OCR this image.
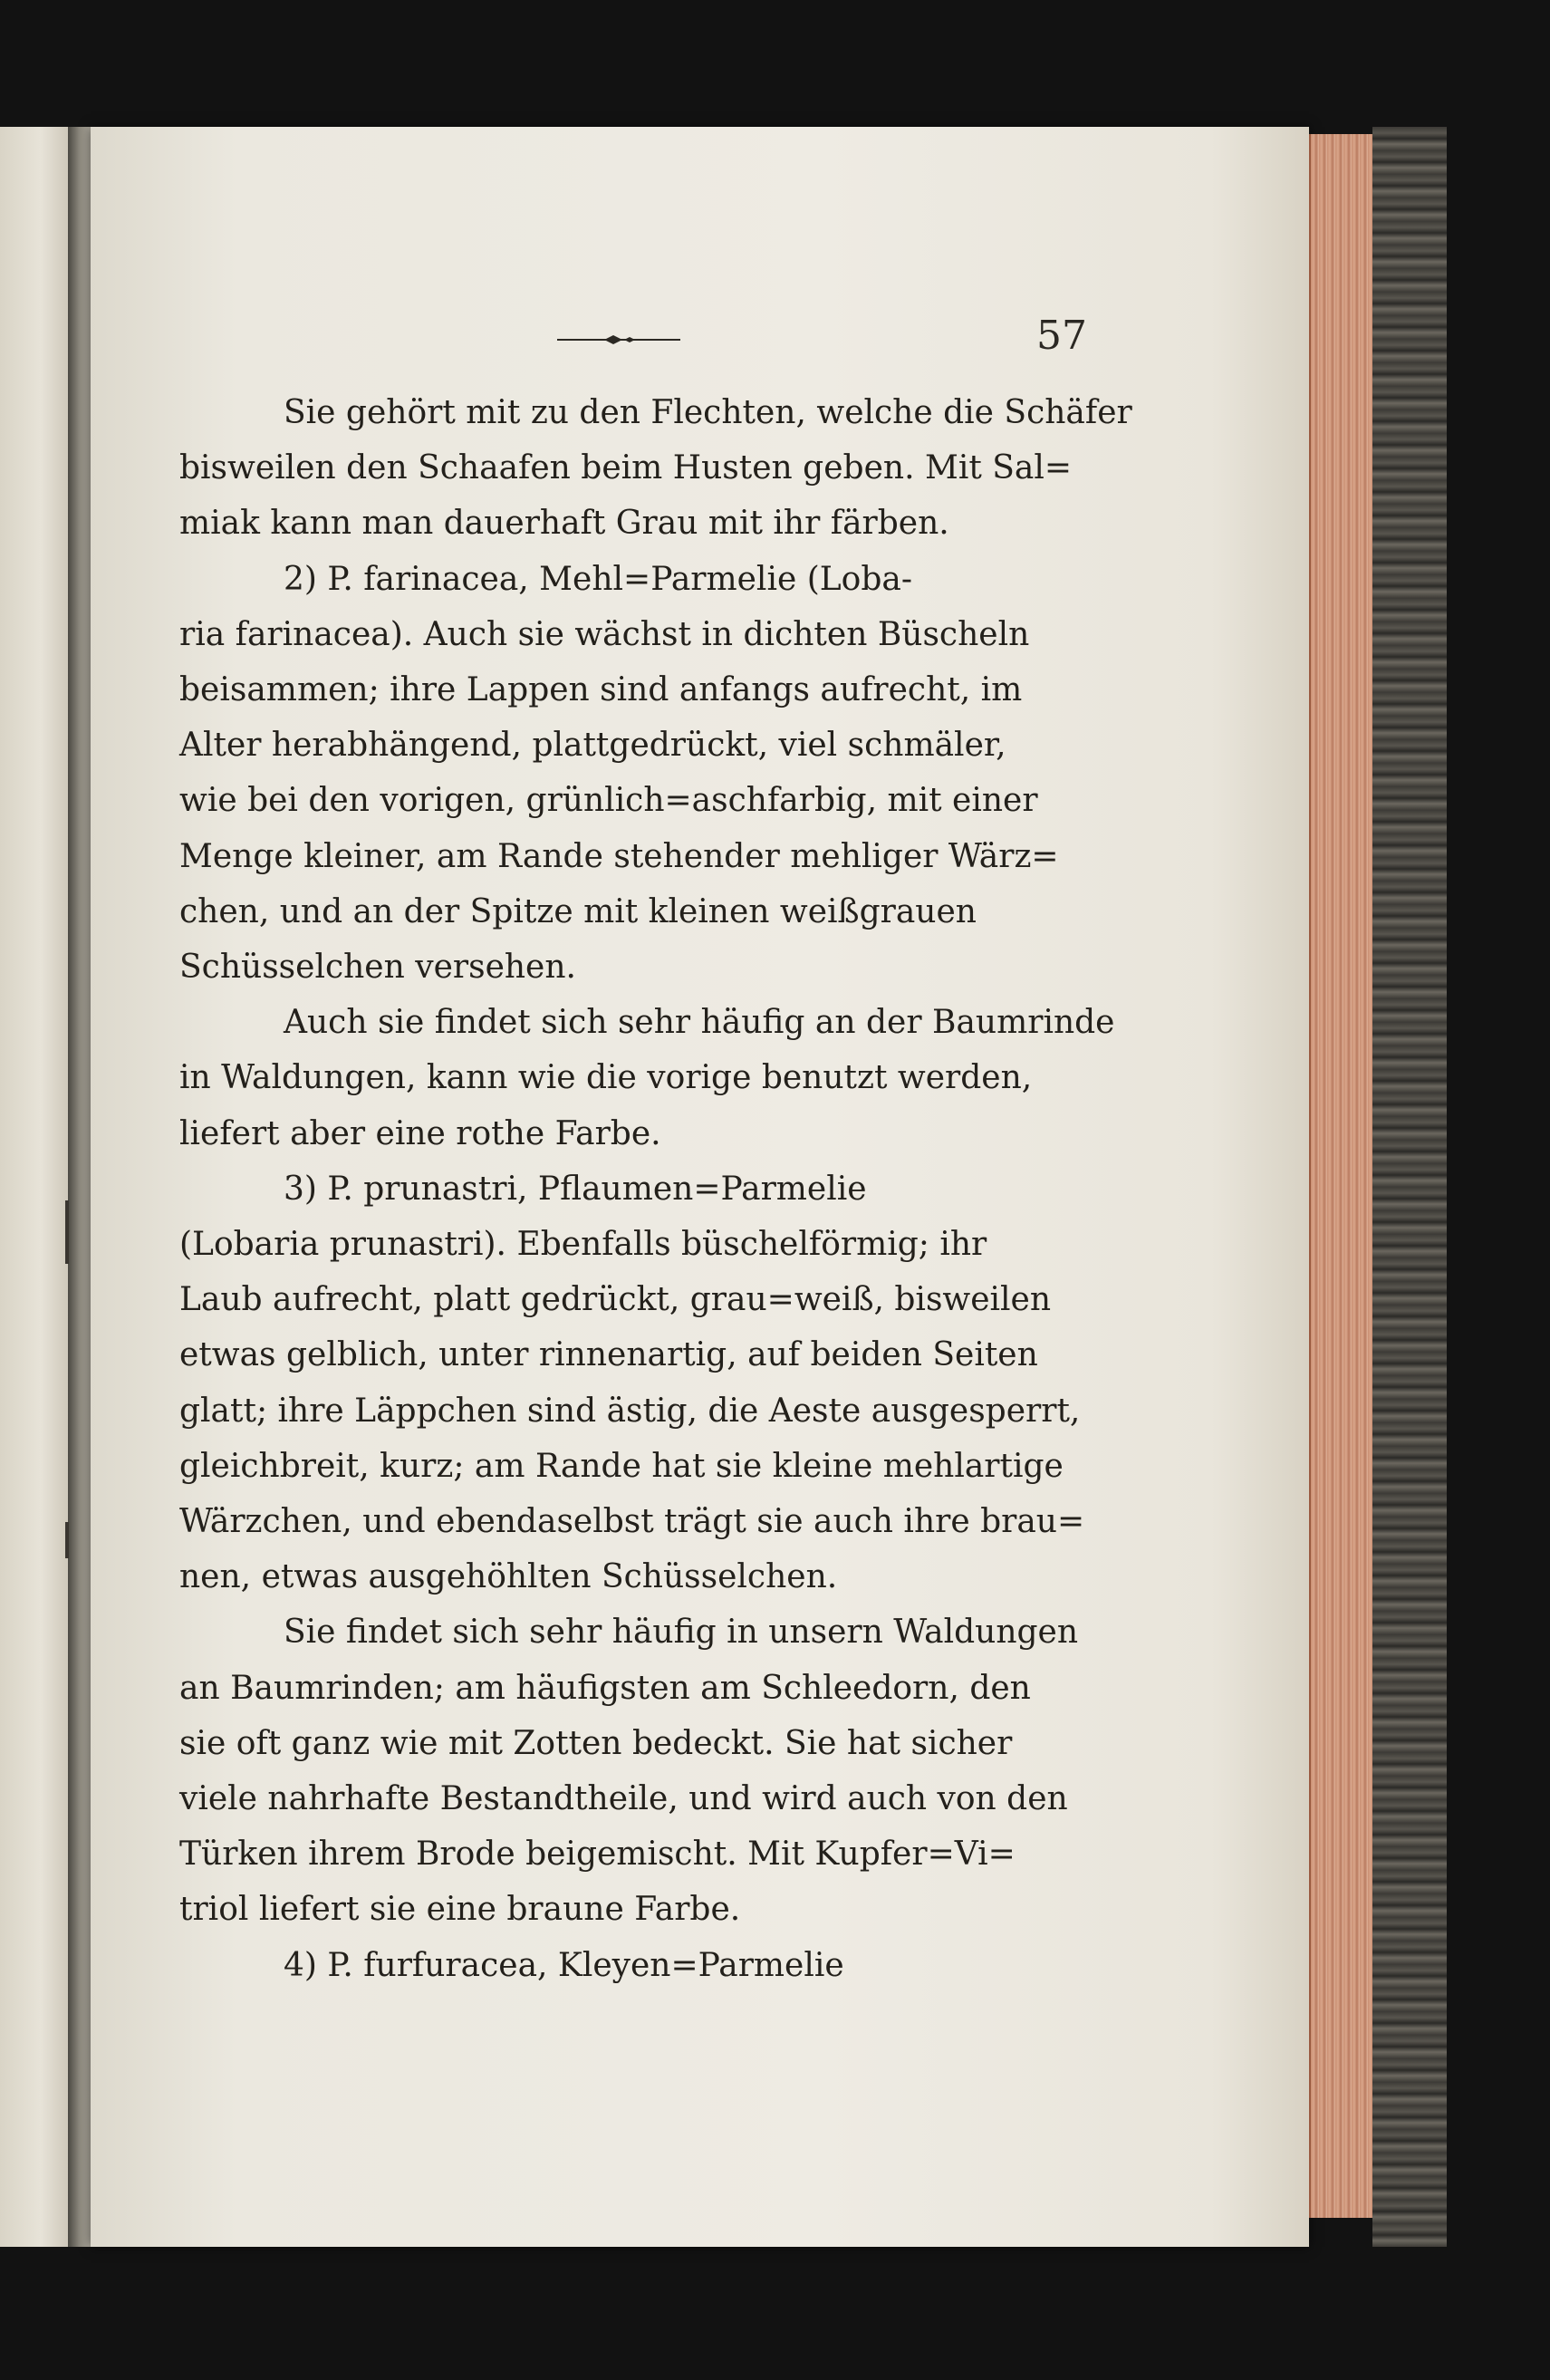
57

Sie gehört mit zu den Flechten, welche die Schäfer
bisweilen den Schaafen beim Husten geben. Mit Sal=
miak kann man dauerhaft Grau mit ihr färben.
2) P. farinacea, Mehl=Parmelie (Loba-
ria farinacea). Auch sie wächst in dichten Büscheln
beisammen; ihre Lappen sind anfangs aufrecht, im
Alter herabhängend, plattgedrückt, viel schmäler,
wie bei den vorigen, grünlich=aschfarbig, mit einer
Menge kleiner, am Rande stehender mehliger Wärz=
chen, und an der Spitze mit kleinen weißgrauen
Schüsselchen versehen.
Auch sie findet sich sehr häufig an der Baumrinde
in Waldungen, kann wie die vorige benutzt werden,
liefert aber eine rothe Farbe.
3) P. prunastri, Pflaumen=Parmelie
(Lobaria prunastri). Ebenfalls büschelförmig; ihr
Laub aufrecht, platt gedrückt, grau=weiß, bisweilen
etwas gelblich, unter rinnenartig, auf beiden Seiten
glatt; ihre Läppchen sind ästig, die Aeste ausgesperrt,
gleichbreit, kurz; am Rande hat sie kleine mehlartige
Wärzchen, und ebendaselbst trägt sie auch ihre brau=
nen, etwas ausgehöhlten Schüsselchen.
Sie findet sich sehr häufig in unsern Waldungen
an Baumrinden; am häufigsten am Schleedorn, den
sie oft ganz wie mit Zotten bedeckt. Sie hat sicher
viele nahrhafte Bestandtheile, und wird auch von den
Türken ihrem Brode beigemischt. Mit Kupfer=Vi=
triol liefert sie eine braune Farbe.
4) P. furfuracea, Kleyen=Parmelie
